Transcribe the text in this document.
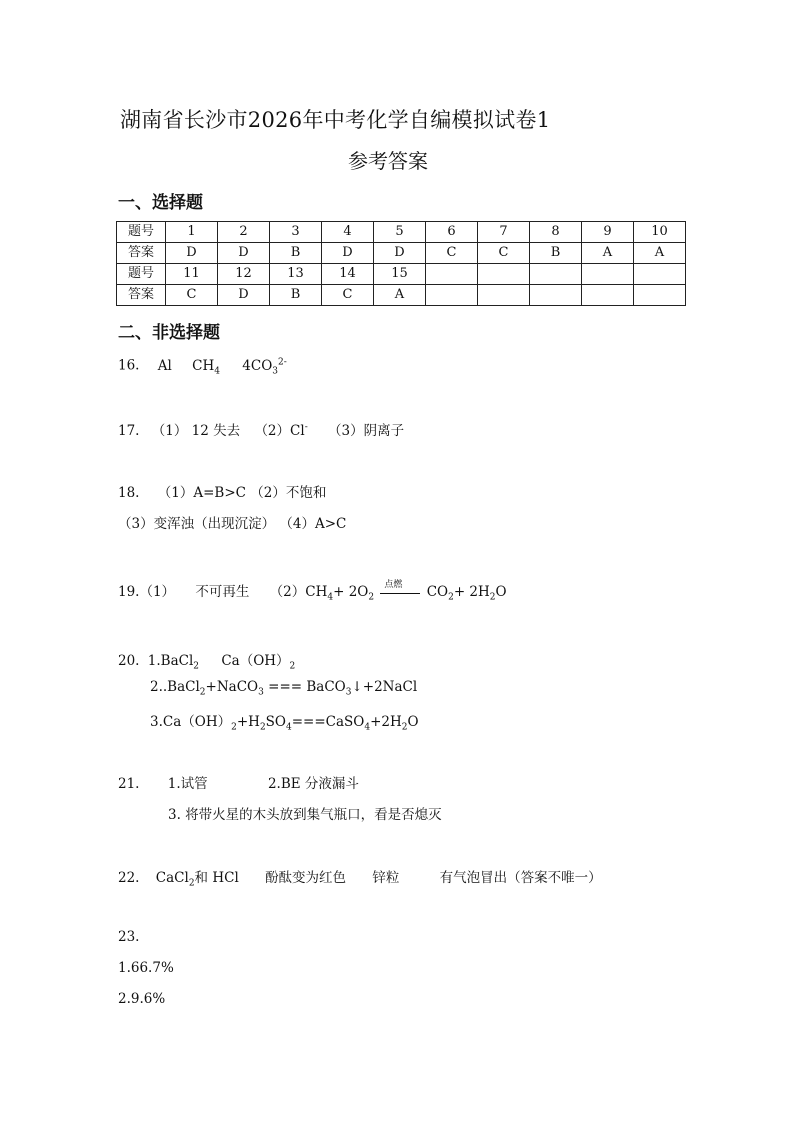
湖南省长沙市2026年中考化学自编模拟试卷1
参考答案
一、选择题
题号	1	2	3	4	5	6	7	8	9	10
答案	D	D	B	D	D	C	C	B	A	A
题号	11	12	13	14	15					
答案	C	D	B	C	A					
二、非选择题
16. Al $CH_4$ $4CO_3^{2-}$
17. （1） 12 失去 （2）Cl- （3）阴离子
18. （1）A=B>C （2）不饱和
（3）变浑浊（出现沉淀） （4）A>C
19.（1） 不可再生 $(2)CH_4+ 2O_2$
点燃 $CO_2+ 2H_2O$
20. 1.BaCl$_2$ $Ca(OH)_2$
2..BaCl$_2$+NaCO$_3$ === BaCO$_3$↓+2NaCl
$3.Ca(OH)_2+H_2SO_4===CaSO_4+2H_2O$
21. 1.试管	2.BE 分液漏斗
3. 将带火星的木头放到集气瓶口，看是否熄灭
22. CaCl$_2$和 HCl 酚酞变为红色 锌粒	有气泡冒出（答案不唯一）
23.
1.66.7%
2.9.6%
